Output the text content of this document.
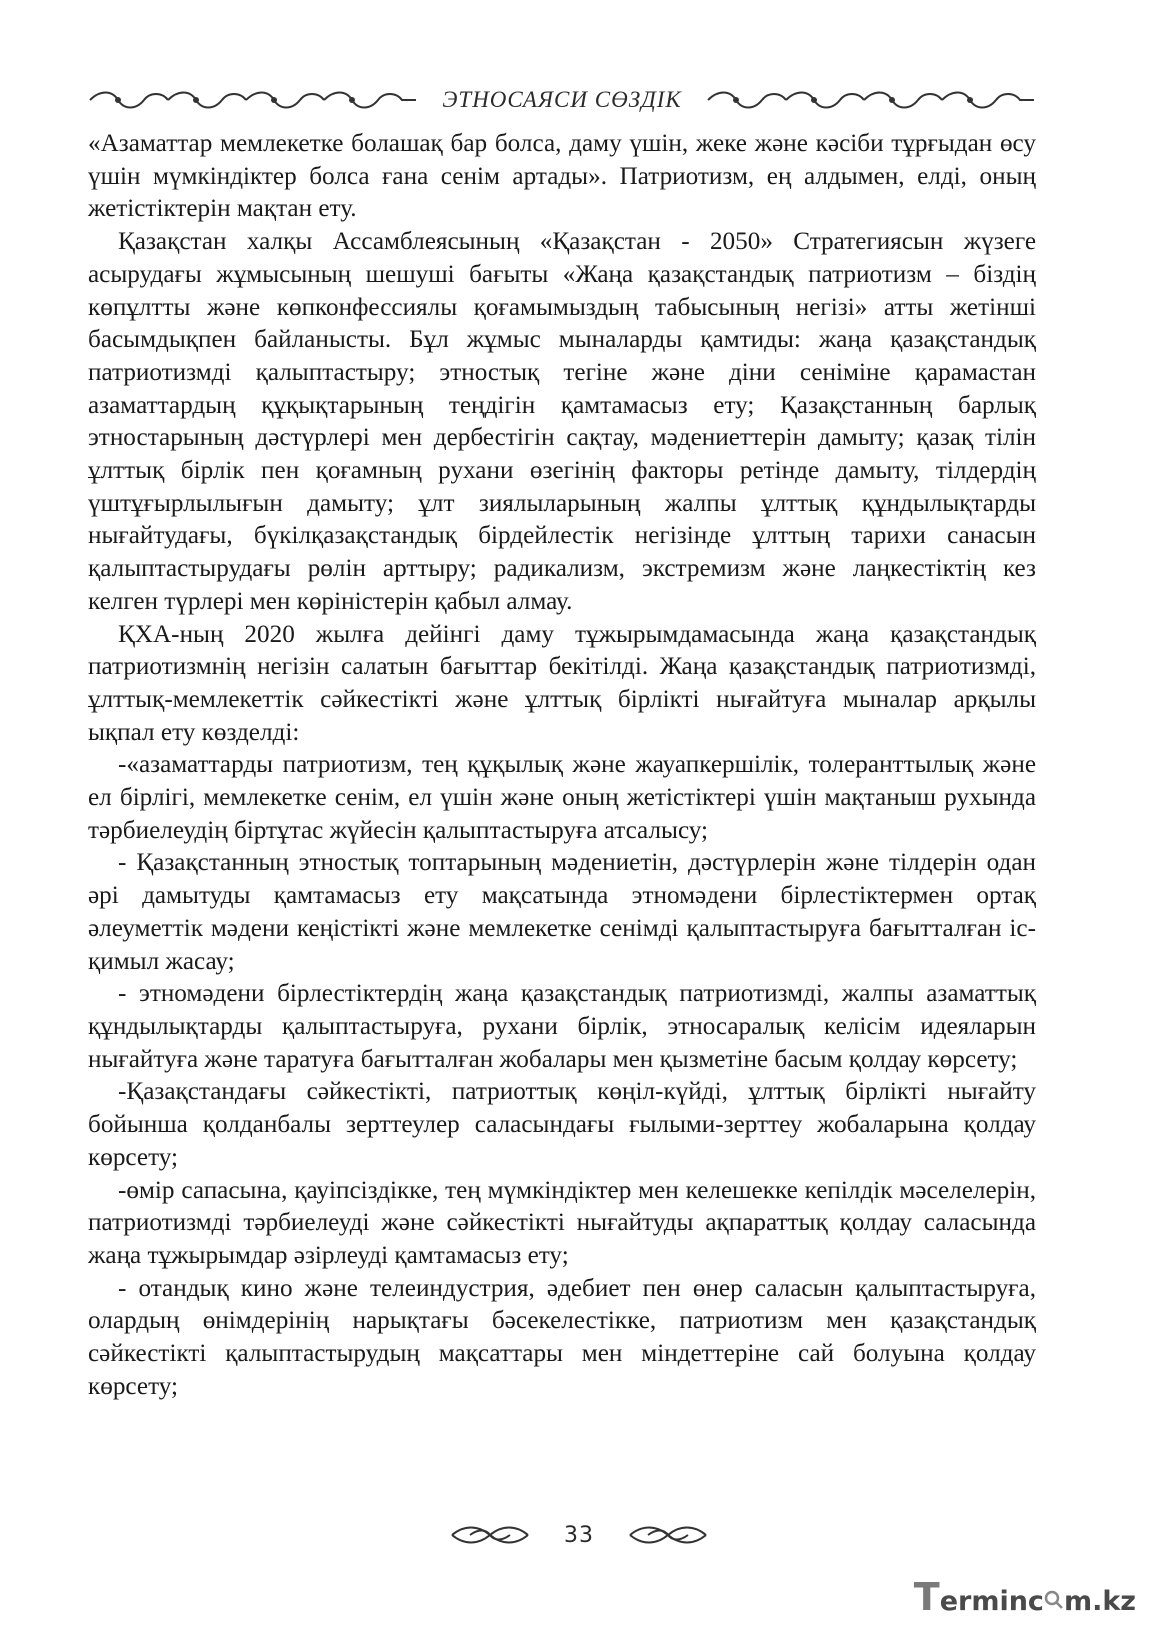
ЭТНОСАЯСИ СӨЗДІК

«Азаматтар мемлекетке болашақ бар болса, даму үшін, жеке және кәсіби тұрғыдан өсу үшін мүмкіндіктер болса ғана сенім артады». Патриотизм, ең алдымен, елді, оның жетістіктерін мақтан ету.

Қазақстан халқы Ассамблеясының «Қазақстан - 2050» Стратегиясын жүзеге асырудағы жұмысының шешуші бағыты «Жаңа қазақстандық патриотизм – біздің көпұлтты және көпконфессиялы қоғамымыздың табысының негізі» атты жетінші басымдықпен байланысты. Бұл жұмыс мыналарды қамтиды: жаңа қазақстандық патриотизмді қалыптастыру; этностық тегіне және діни сеніміне қарамастан азаматтардың құқықтарының теңдігін қамтамасыз ету; Қазақстанның барлық этностарының дәстүрлері мен дербестігін сақтау, мәдениеттерін дамыту; қазақ тілін ұлттық бірлік пен қоғамның рухани өзегінің факторы ретінде дамыту, тілдердің үштұғырлылығын дамыту; ұлт зиялыларының жалпы ұлттық құндылықтарды нығайтудағы, бүкілқазақстандық бірдейлестік негізінде ұлттың тарихи санасын қалыптастырудағы рөлін арттыру; радикализм, экстремизм және лаңкестіктің кез келген түрлері мен көріністерін қабыл алмау.

ҚХА-ның 2020 жылға дейінгі даму тұжырымдамасында жаңа қазақстандық патриотизмнің негізін салатын бағыттар бекітілді. Жаңа қазақстандық патриотизмді, ұлттық-мемлекеттік сәйкестікті және ұлттық бірлікті нығайтуға мыналар арқылы ықпал ету көзделді:

-«азаматтарды патриотизм, тең құқылық және жауапкершілік, толеранттылық және ел бірлігі, мемлекетке сенім, ел үшін және оның жетістіктері үшін мақтаныш рухында тәрбиелеудің біртұтас жүйесін қалыптастыруға атсалысу;

- Қазақстанның этностық топтарының мәдениетін, дәстүрлерін және тілдерін одан әрі дамытуды қамтамасыз ету мақсатында этномәдени бірлестіктермен ортақ әлеуметтік мәдени кеңістікті және мемлекетке сенімді қалыптастыруға бағытталған іс-қимыл жасау;

- этномәдени бірлестіктердің жаңа қазақстандық патриотизмді, жалпы азаматтық құндылықтарды қалыптастыруға, рухани бірлік, этносаралық келісім идеяларын нығайтуға және таратуға бағытталған жобалары мен қызметіне басым қолдау көрсету;

-Қазақстандағы сәйкестікті, патриоттық көңіл-күйді, ұлттық бірлікті нығайту бойынша қолданбалы зерттеулер саласындағы ғылыми-зерттеу жобаларына қолдау көрсету;

-өмір сапасына, қауіпсіздікке, тең мүмкіндіктер мен келешекке кепілдік мәселелерін, патриотизмді тәрбиелеуді және сәйкестікті нығайтуды ақпараттық қолдау саласында жаңа тұжырымдар әзірлеуді қамтамасыз ету;

- отандық кино және телеиндустрия, әдебиет пен өнер саласын қалыптастыруға, олардың өнімдерінің нарықтағы бәсекелестікке, патриотизм мен қазақстандық сәйкестікті қалыптастырудың мақсаттары мен міндеттеріне сай болуына қолдау көрсету;

33
T erminc m.kz
